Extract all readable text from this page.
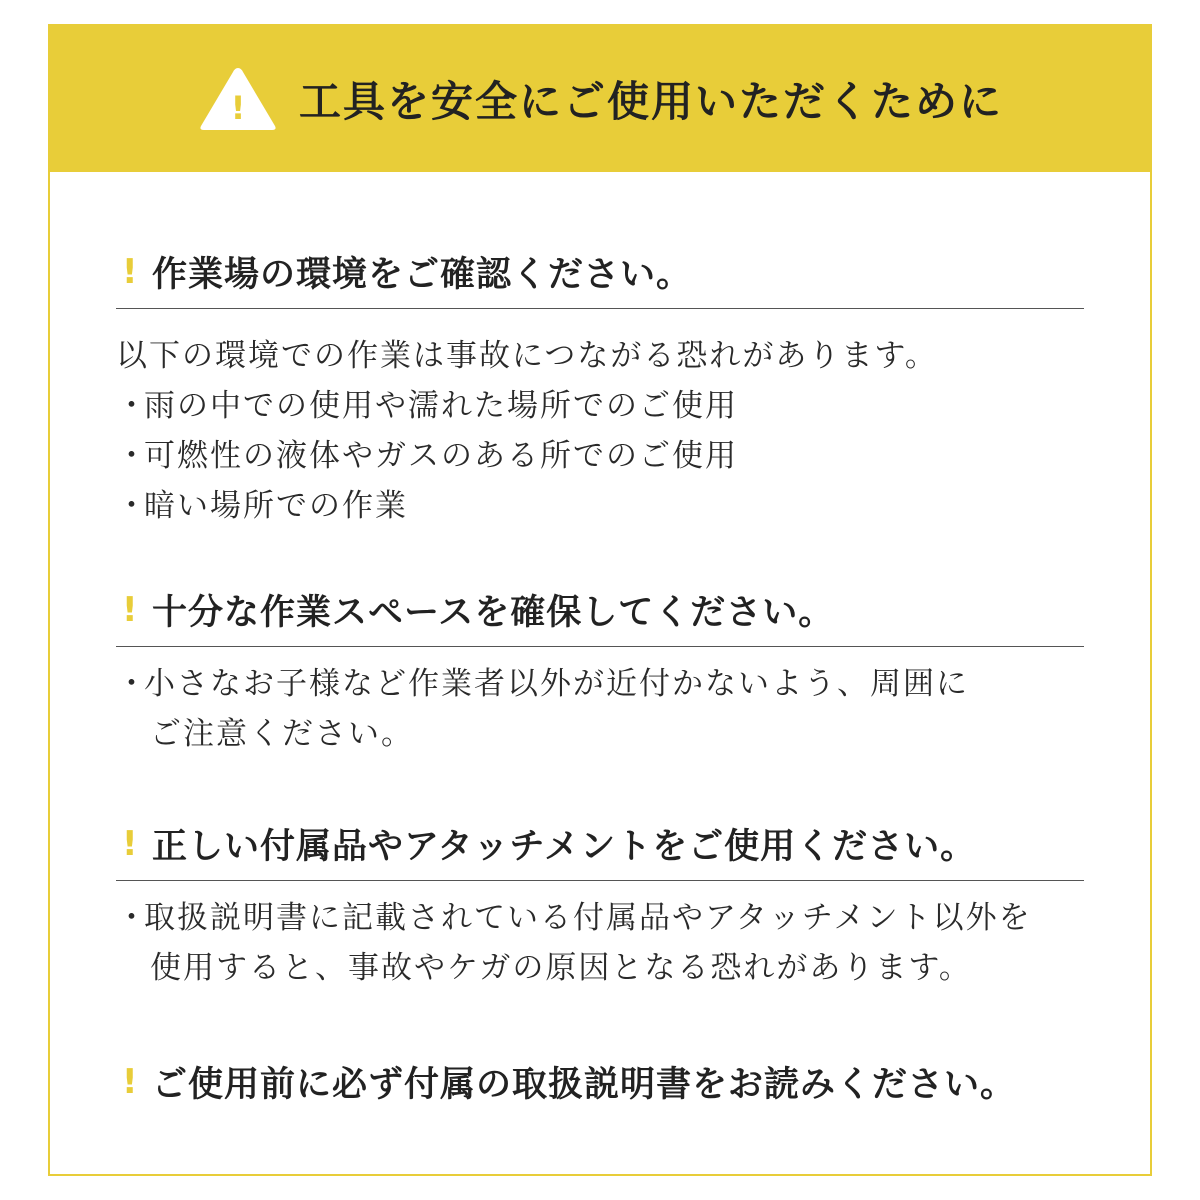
! 工具を安全にご使用いただくために
! 作業場の環境をご確認ください。
以下の環境での作業は事故につながる恐れがあります。
・
雨の中での使用や濡れた場所でのご使用
・
可燃性の液体やガスのある所でのご使用
・
暗い場所での作業
! 十分な作業スペースを確保してください。
・
小さなお子様など作業者以外が近付かないよう、周囲に
ご注意ください。
! 正しい付属品やアタッチメントをご使用ください。
・
取扱説明書に記載されている付属品やアタッチメント以外を
使用すると、事故やケガの原因となる恐れがあります。
! ご使用前に必ず付属の取扱説明書をお読みください。
